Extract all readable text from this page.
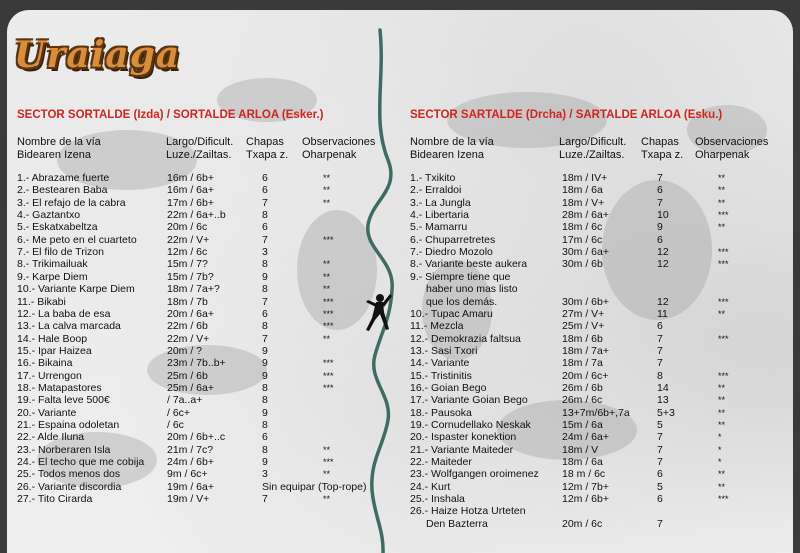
Uraiaga
SECTOR SORTALDE (Izda) / SORTALDE ARLOA (Esker.)
Nombre de la vía
Bidearen Izena
Largo/Dificult.
Luze./Zailtas.
Chapas
Txapa z.
Observaciones
Oharpenak
1.- Abrazame fuerte	16m / 6b+	6	**
2.- Bestearen Baba	16m / 6a+	6	**
3.- El refajo de la cabra	17m / 6b+	7	**
4.- Gaztantxo	22m / 6a+..b	8
5.- Eskatxabeltza	20m / 6c	6
6.- Me peto en el cuarteto	22m / V+	7	***
7.- El filo de Trizon	12m / 6c	3
8.- Trikimailuak	15m / 7?	8	**
9.- Karpe Diem	15m / 7b?	9	**
10.- Variante Karpe Diem	18m / 7a+?	8	**
11.- Bikabi	18m / 7b	7	***
12.- La baba de esa	20m / 6a+	6	***
13.- La calva marcada	22m / 6b	8	***
14.- Hale Boop	22m / V+	7	**
15.- Ipar Haizea	20m / ?	9
16.- Bikaina	23m / 7b..b+	9	***
17.- Urrengon	25m / 6b	9	***
18.- Matapastores	25m / 6a+	8	***
19.- Falta leve 500€	/ 7a..a+	8
20.- Variante	/ 6c+	9
21.- Espaina odoletan	/ 6c	8
22.- Alde Iluna	20m / 6b+..c	6
23.- Norberaren Isla	21m / 7c?	8	**
24.- El techo que me cobija 24m / 6b+	9	***
25.- Todos menos dos	9m / 6c+	3	**
26.- Variante discordia	19m / 6a+	Sin equipar (Top-rope)
27.- Tito Cirarda	19m / V+	7	**
SECTOR SARTALDE (Drcha) / SARTALDE ARLOA (Esku.)
Nombre de la vía
Bidearen Izena
Largo/Dificult.
Luze./Zailtas.
Chapas
Txapa z.
Observaciones
Oharpenak
1.- Txikito	18m / IV+	7	**
2.- Erraldoi	18m / 6a	6	**
3.- La Jungla	18m / V+	7	**
4.- Libertaria	28m / 6a+	10	***
5.- Mamarru	18m / 6c	9	**
6.- Chuparretretes	17m / 6c	6
7.- Diedro Mozolo	30m / 6a+	12	***
8.- Variante beste aukera	30m / 6b	12	***
9.- Siempre tiene que
haber uno mas listo
que los demás.	30m / 6b+	12	***
10.- Tupac Amaru	27m / V+	11	**
11.- Mezcla	25m / V+	6
12.- Demokrazia faltsua	18m / 6b	7	***
13.- Sasi Txori	18m / 7a+	7
14.- Variante	18m / 7a	7
15.- Tristinitis	20m / 6c+	8	***
16.- Goian Bego	26m / 6b	14	**
17.- Variante Goian Bego	26m / 6c	13	**
18.- Pausoka	13+7m/6b+,7a	5+3	**
19.- Cornudellako Neskak	15m / 6a	5	**
20.- Ispaster konektion	24m / 6a+	7	*
21.- Variante Maiteder	18m / V	7	*
22.- Maiteder	18m / 6a	7	*
23.- Wolfgangen oroimenez 18 m / 6c	6	**
24.- Kurt	12m / 7b+	5	**
25.- Inshala	12m / 6b+	6	***
26.- Haize Hotza Urteten
Den Bazterra	20m / 6c	7
